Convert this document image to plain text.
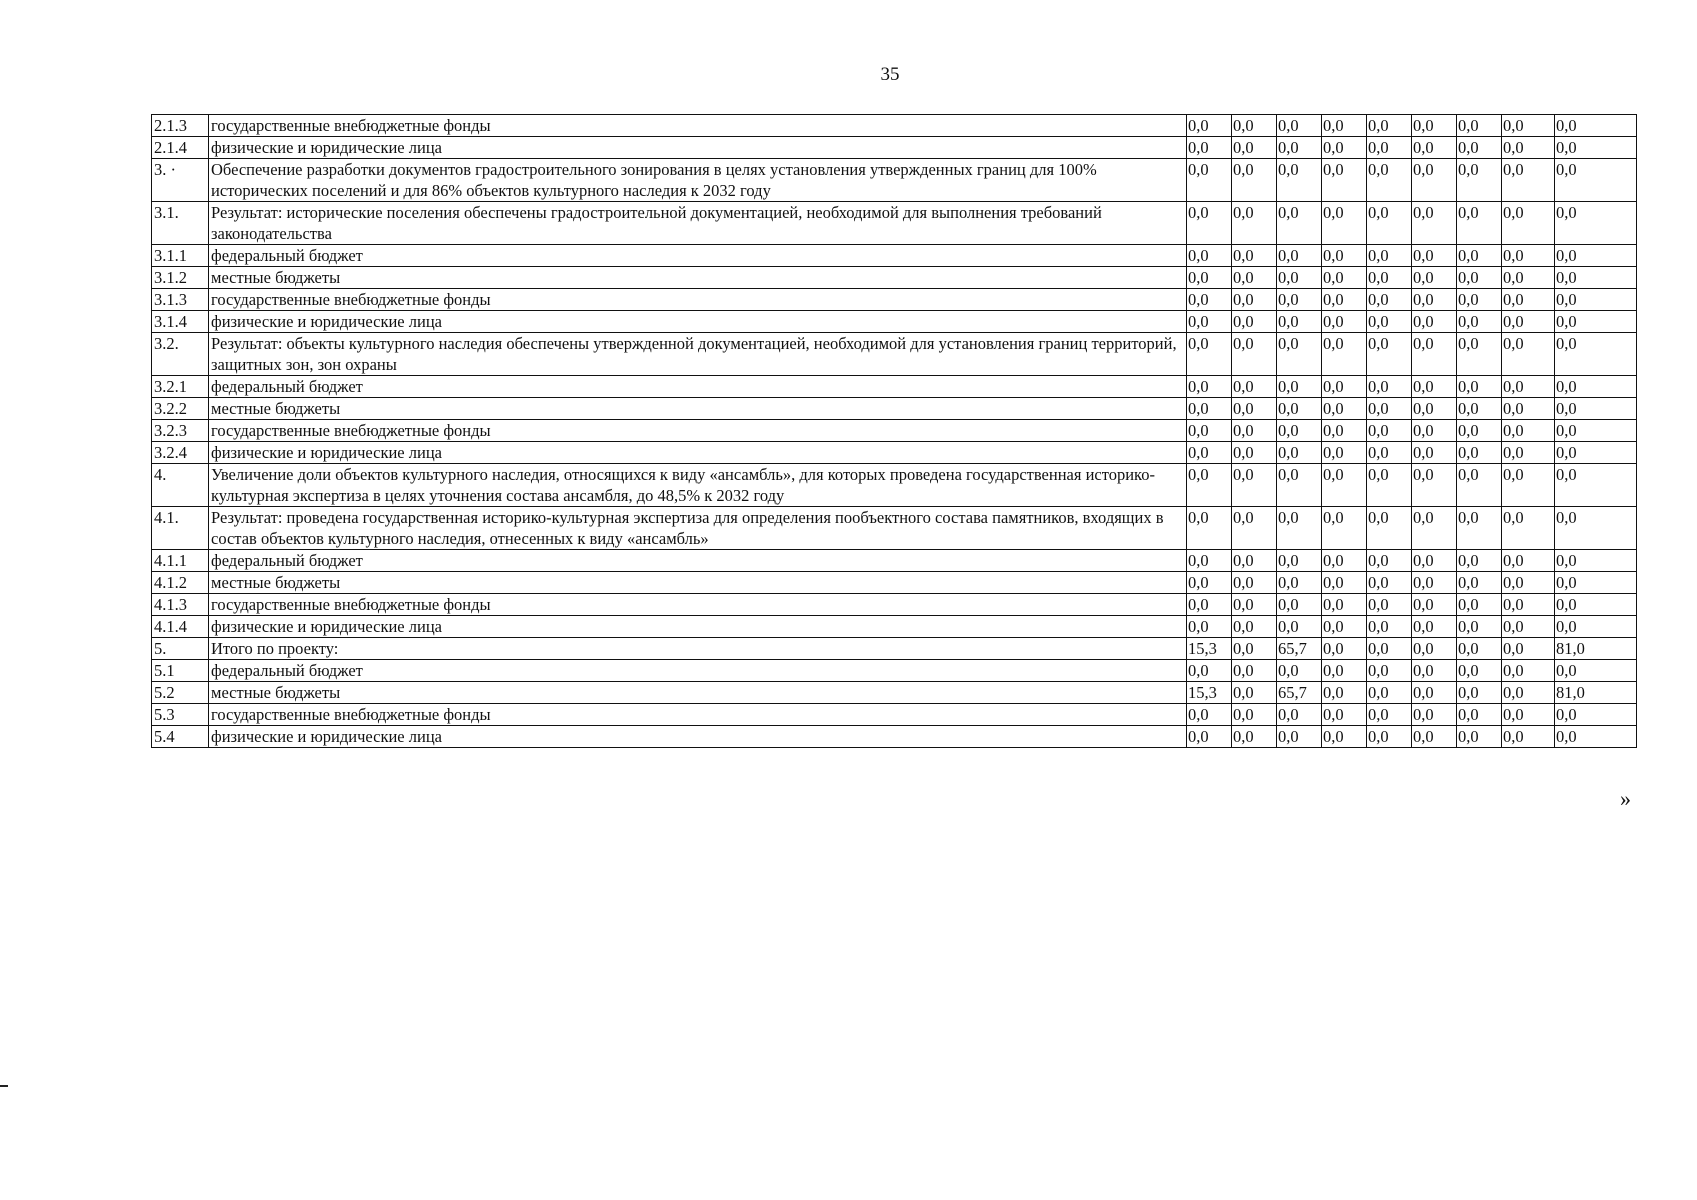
35
2.1.3	государственные внебюджетные фонды	0,0	0,0	0,0	0,0	0,0	0,0	0,0	0,0	0,0
2.1.4	физические и юридические лица	0,0	0,0	0,0	0,0	0,0	0,0	0,0	0,0	0,0
3. ·	Обеспечение разработки документов градостроительного зонирования в целях установления утвержденных границ для 100% исторических поселений и для 86% объектов культурного наследия к 2032 году	0,0	0,0	0,0	0,0	0,0	0,0	0,0	0,0	0,0
3.1.	Результат: исторические поселения обеспечены градостроительной документацией, необходимой для выполнения требований законодательства	0,0	0,0	0,0	0,0	0,0	0,0	0,0	0,0	0,0
3.1.1	федеральный бюджет	0,0	0,0	0,0	0,0	0,0	0,0	0,0	0,0	0,0
3.1.2	местные бюджеты	0,0	0,0	0,0	0,0	0,0	0,0	0,0	0,0	0,0
3.1.3	государственные внебюджетные фонды	0,0	0,0	0,0	0,0	0,0	0,0	0,0	0,0	0,0
3.1.4	физические и юридические лица	0,0	0,0	0,0	0,0	0,0	0,0	0,0	0,0	0,0
3.2.	Результат: объекты культурного наследия обеспечены утвержденной документацией, необходимой для установления границ территорий, защитных зон, зон охраны	0,0	0,0	0,0	0,0	0,0	0,0	0,0	0,0	0,0
3.2.1	федеральный бюджет	0,0	0,0	0,0	0,0	0,0	0,0	0,0	0,0	0,0
3.2.2	местные бюджеты	0,0	0,0	0,0	0,0	0,0	0,0	0,0	0,0	0,0
3.2.3	государственные внебюджетные фонды	0,0	0,0	0,0	0,0	0,0	0,0	0,0	0,0	0,0
3.2.4	физические и юридические лица	0,0	0,0	0,0	0,0	0,0	0,0	0,0	0,0	0,0
4.	Увеличение доли объектов культурного наследия, относящихся к виду «ансамбль», для которых проведена государственная историко-культурная экспертиза в целях уточнения состава ансамбля, до 48,5% к 2032 году	0,0	0,0	0,0	0,0	0,0	0,0	0,0	0,0	0,0
4.1.	Результат: проведена государственная историко-культурная экспертиза для определения пообъектного состава памятников, входящих в состав объектов культурного наследия, отнесенных к виду «ансамбль»	0,0	0,0	0,0	0,0	0,0	0,0	0,0	0,0	0,0
4.1.1	федеральный бюджет	0,0	0,0	0,0	0,0	0,0	0,0	0,0	0,0	0,0
4.1.2	местные бюджеты	0,0	0,0	0,0	0,0	0,0	0,0	0,0	0,0	0,0
4.1.3	государственные внебюджетные фонды	0,0	0,0	0,0	0,0	0,0	0,0	0,0	0,0	0,0
4.1.4	физические и юридические лица	0,0	0,0	0,0	0,0	0,0	0,0	0,0	0,0	0,0
5.	Итого по проекту:	15,3	0,0	65,7	0,0	0,0	0,0	0,0	0,0	81,0
5.1	федеральный бюджет	0,0	0,0	0,0	0,0	0,0	0,0	0,0	0,0	0,0
5.2	местные бюджеты	15,3	0,0	65,7	0,0	0,0	0,0	0,0	0,0	81,0
5.3	государственные внебюджетные фонды	0,0	0,0	0,0	0,0	0,0	0,0	0,0	0,0	0,0
5.4	физические и юридические лица	0,0	0,0	0,0	0,0	0,0	0,0	0,0	0,0	0,0
»
